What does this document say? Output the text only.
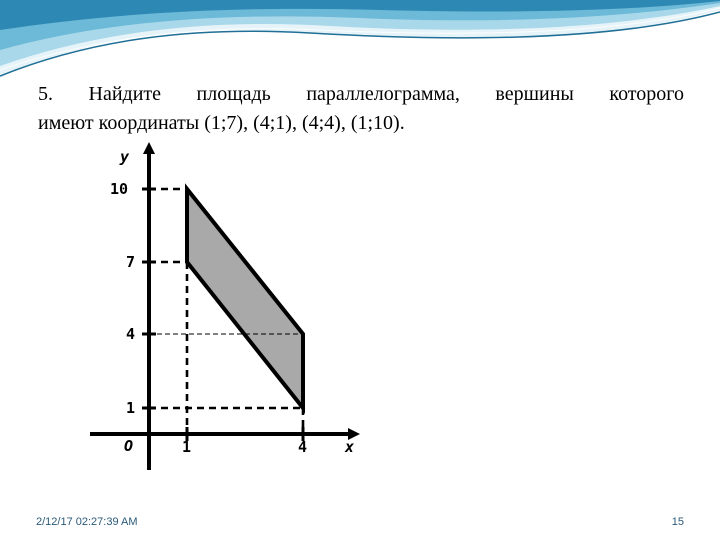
5. Найдите площадь параллелограмма, вершины которого
имеют координаты (1;7), (4;1), (4;4), (1;10).

y
10
7
4
1
O	1	4	x
2/12/17 02:27:39 AM	15
